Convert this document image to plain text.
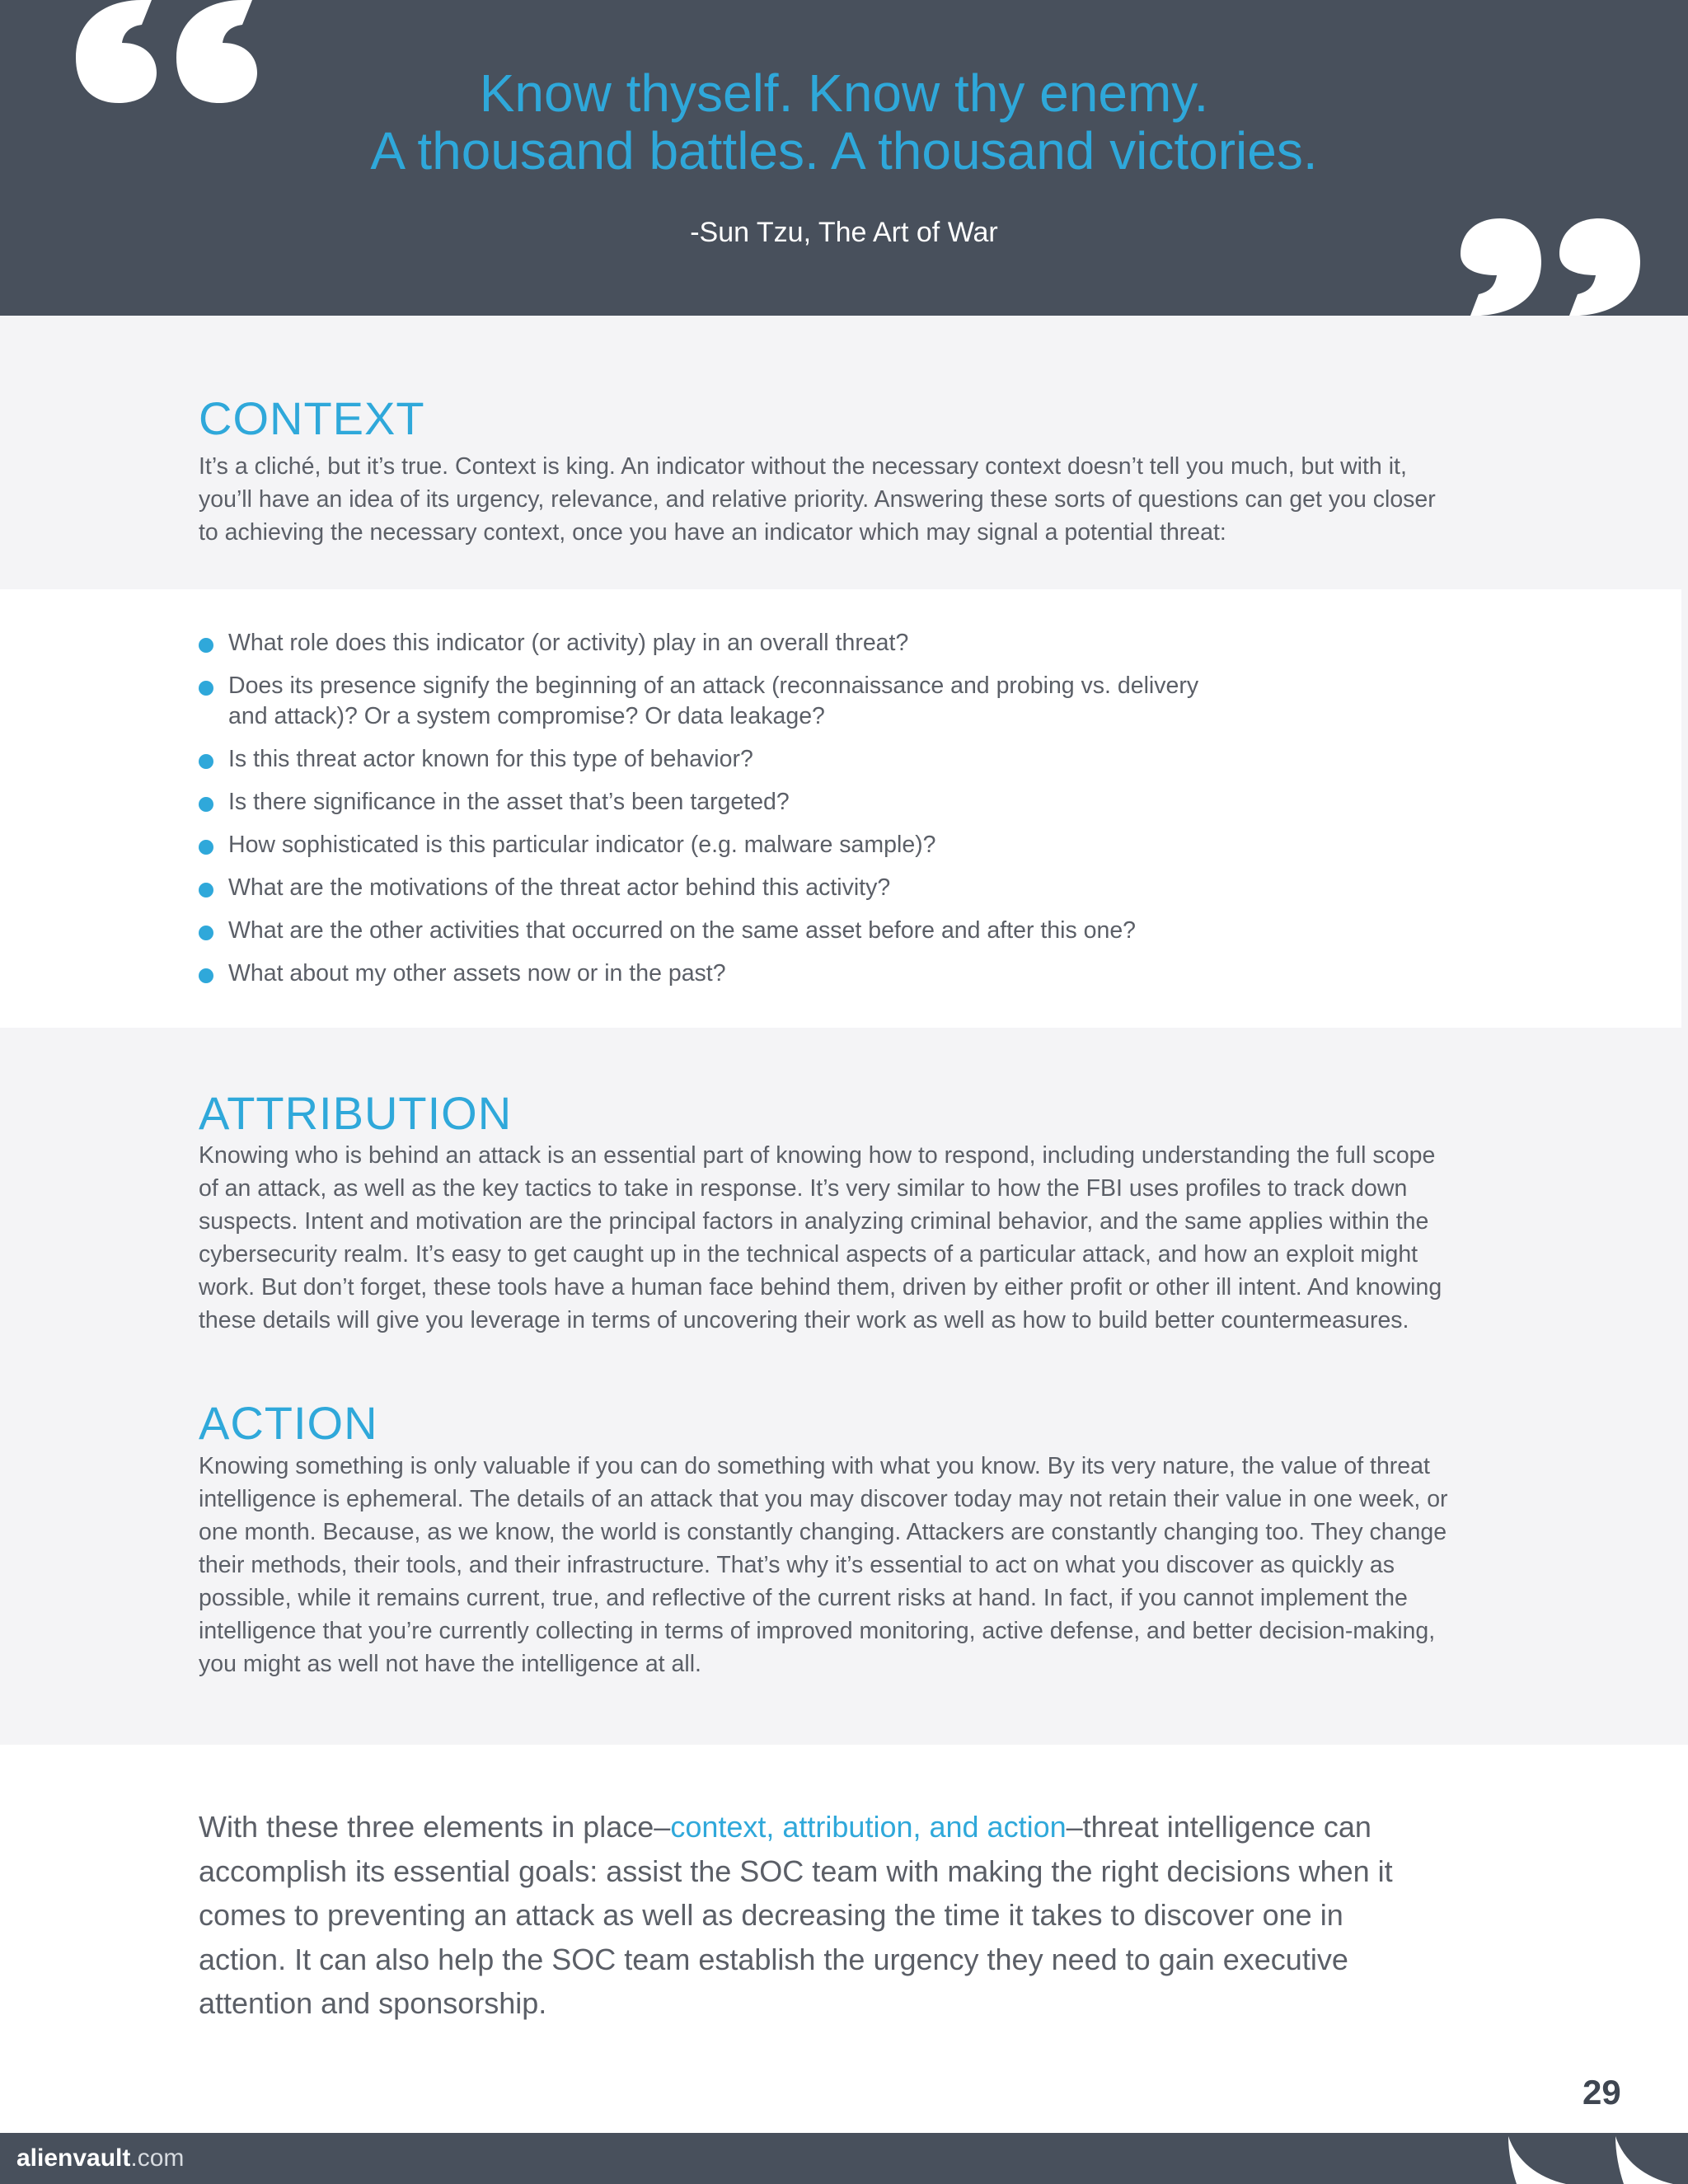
Know thyself. Know thy enemy.
A thousand battles. A thousand victories.
-Sun Tzu, The Art of War
CONTEXT

It’s a cliché, but it’s true. Context is king. An indicator without the necessary context doesn’t tell you much, but with it, you’ll have an idea of its urgency, relevance, and relative priority. Answering these sorts of questions can get you closer to achieving the necessary context, once you have an indicator which may signal a potential threat:

What role does this indicator (or activity) play in an overall threat?
Does its presence signify the beginning of an attack (reconnaissance and probing vs. delivery and attack)? Or a system compromise? Or data leakage?
Is this threat actor known for this type of behavior?
Is there significance in the asset that’s been targeted?
How sophisticated is this particular indicator (e.g. malware sample)?
What are the motivations of the threat actor behind this activity?
What are the other activities that occurred on the same asset before and after this one?
What about my other assets now or in the past?
ATTRIBUTION

Knowing who is behind an attack is an essential part of knowing how to respond, including understanding the full scope of an attack, as well as the key tactics to take in response. It’s very similar to how the FBI uses profiles to track down suspects. Intent and motivation are the principal factors in analyzing criminal behavior, and the same applies within the cybersecurity realm. It’s easy to get caught up in the technical aspects of a particular attack, and how an exploit might work. But don’t forget, these tools have a human face behind them, driven by either profit or other ill intent. And knowing these details will give you leverage in terms of uncovering their work as well as how to build better countermeasures.

ACTION

Knowing something is only valuable if you can do something with what you know. By its very nature, the value of threat intelligence is ephemeral. The details of an attack that you may discover today may not retain their value in one week, or one month. Because, as we know, the world is constantly changing. Attackers are constantly changing too. They change their methods, their tools, and their infrastructure. That’s why it’s essential to act on what you discover as quickly as possible, while it remains current, true, and reflective of the current risks at hand. In fact, if you cannot implement the intelligence that you’re currently collecting in terms of improved monitoring, active defense, and better decision-making, you might as well not have the intelligence at all.

With these three elements in place–context, attribution, and action–threat intelligence can accomplish its essential goals: assist the SOC team with making the right decisions when it comes to preventing an attack as well as decreasing the time it takes to discover one in action. It can also help the SOC team establish the urgency they need to gain executive attention and sponsorship.

29
alienvault.com
